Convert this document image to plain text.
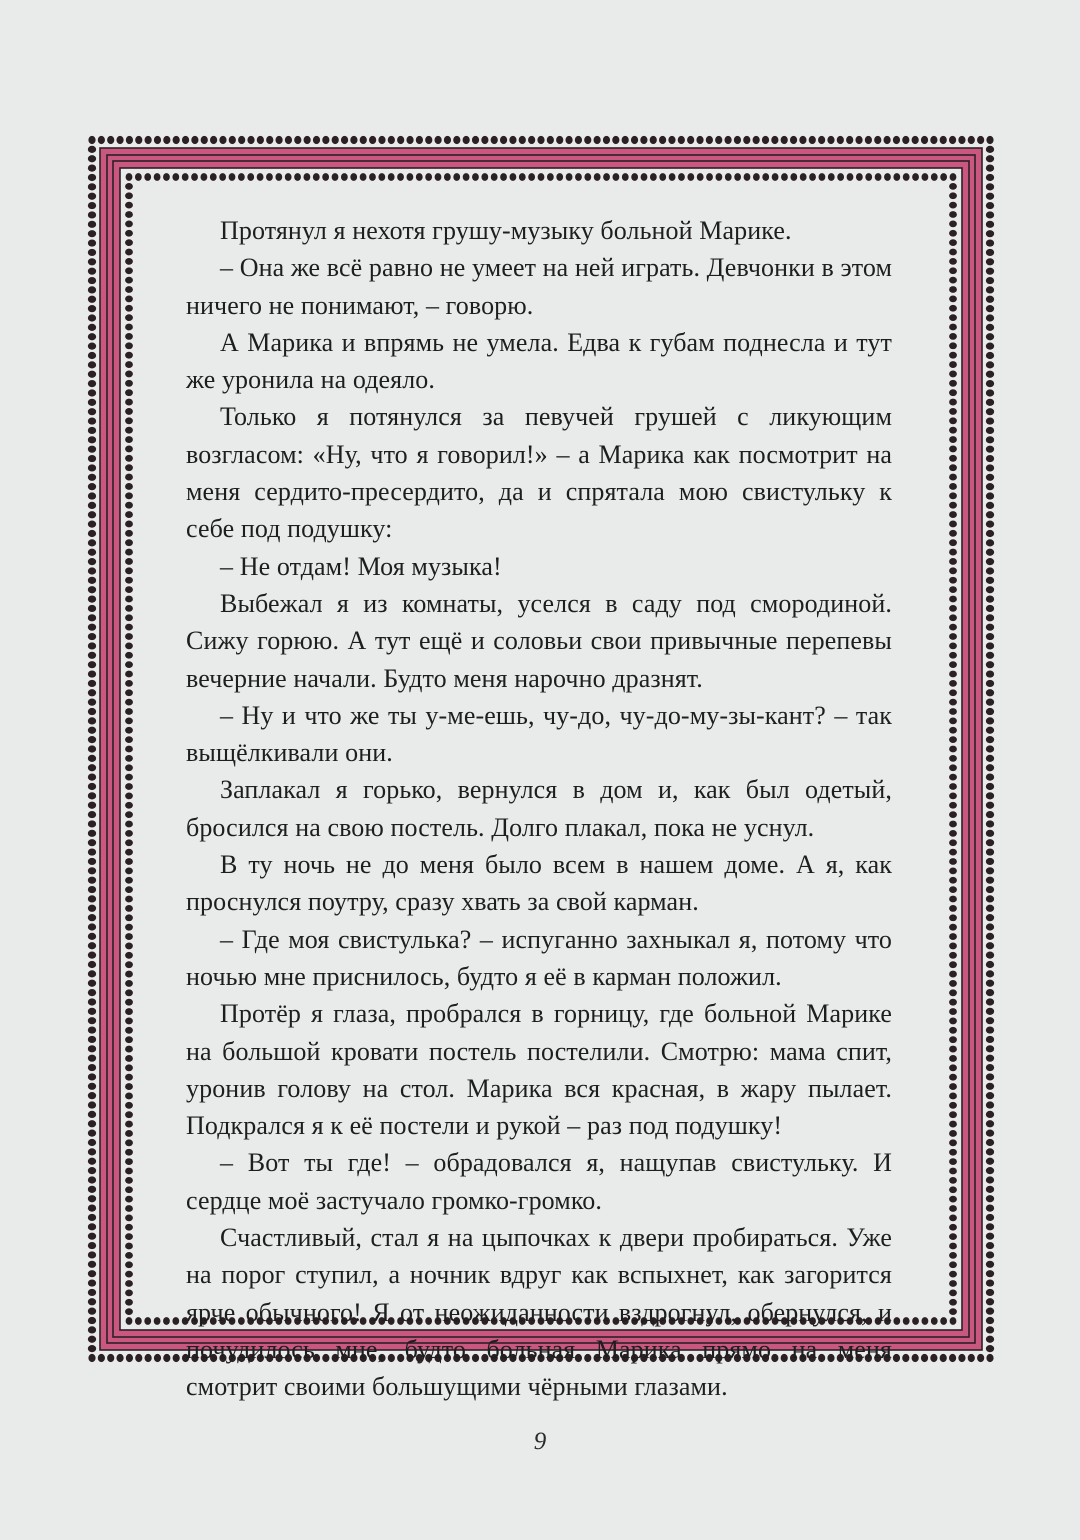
Протянул я нехотя грушу-музыку больной Марике.

– Она же всё равно не умеет на ней играть. Девчонки в этом ничего не понимают, – говорю.

А Марика и впрямь не умела. Едва к губам поднесла и тут же уронила на одеяло.

Только я потянулся за певучей грушей с ликующим возгласом: «Ну, что я говорил!» – а Марика как посмотрит на меня сердито-пресердито, да и спрятала мою свистульку к себе под подушку:

– Не отдам! Моя музыка!

Выбежал я из комнаты, уселся в саду под смородиной. Сижу горюю. А тут ещё и соловьи свои привычные перепевы вечерние начали. Будто меня нарочно дразнят.

– Ну и что же ты у-ме-ешь, чу-до, чу-до-му-зы-кант? – так выщёлкивали они.

Заплакал я горько, вернулся в дом и, как был одетый, бросился на свою постель. Долго плакал, пока не уснул.

В ту ночь не до меня было всем в нашем доме. А я, как проснулся поутру, сразу хвать за свой карман.

– Где моя свистулька? – испуганно захныкал я, потому что ночью мне приснилось, будто я её в карман положил.

Протёр я глаза, пробрался в горницу, где больной Марике на большой кровати постель постелили. Смотрю: мама спит, уронив голову на стол. Марика вся красная, в жару пылает. Подкрался я к её постели и рукой – раз под подушку!

– Вот ты где! – обрадовался я, нащупав свистульку. И сердце моё застучало громко-громко.

Счастливый, стал я на цыпочках к двери пробираться. Уже на порог ступил, а ночник вдруг как вспыхнет, как загорится ярче обычного! Я от неожиданности вздрогнул, обернулся, и почудилось мне, будто больная Марика прямо на меня смотрит своими большущими чёрными глазами.

9
